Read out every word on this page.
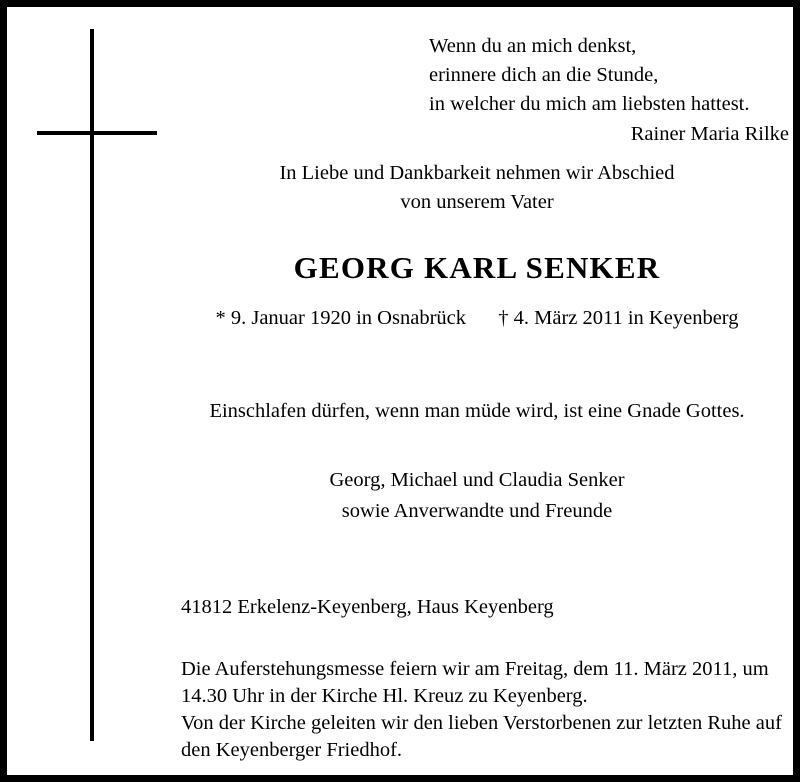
Wenn du an mich denkst,
erinnere dich an die Stunde,
in welcher du mich am liebsten hattest.
Rainer Maria Rilke
In Liebe und Dankbarkeit nehmen wir Abschied
von unserem Vater
GEORG KARL SENKER
* 9. Januar 1920 in Osnabrück † 4. März 2011 in Keyenberg
Einschlafen dürfen, wenn man müde wird, ist eine Gnade Gottes.
Georg, Michael und Claudia Senker
sowie Anverwandte und Freunde
41812 Erkelenz-Keyenberg, Haus Keyenberg
Die Auferstehungsmesse feiern wir am Freitag, dem 11. März 2011, um
14.30 Uhr in der Kirche Hl. Kreuz zu Keyenberg.
Von der Kirche geleiten wir den lieben Verstorbenen zur letzten Ruhe auf
den Keyenberger Friedhof.
